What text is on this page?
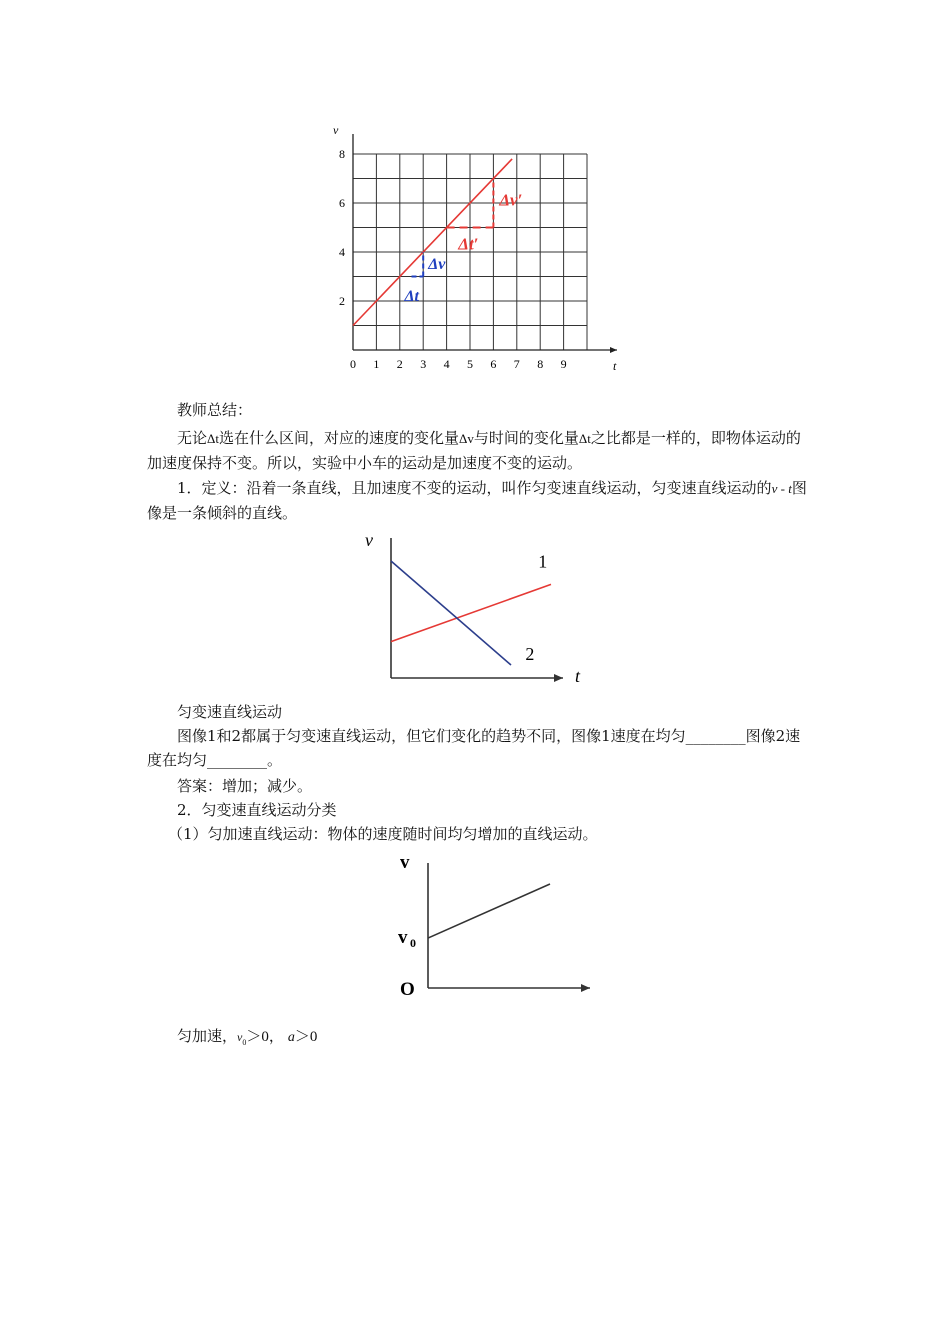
v
t
2
4
6
8
0 1 2 3 4 5 6 7 8 9
Δv
Δt
Δv′
Δt′

教师总结：

无论Δt选在什么区间，对应的速度的变化量Δv与时间的变化量Δt之比都是一样的，即物体运动的加速度保持不变。所以，实验中小车的运动是加速度不变的运动。

1．定义：沿着一条直线，且加速度不变的运动，叫作匀变速直线运动，匀变速直线运动的v - t图像是一条倾斜的直线。

v
t
1
2

匀变速直线运动

图像1和2都属于匀变速直线运动，但它们变化的趋势不同，图像1速度在均匀________图像2速度在均匀________。

答案：增加；减少。

2．匀变速直线运动分类

（1）匀加速直线运动：物体的速度随时间均匀增加的直线运动。

v
O
v 0

匀加速，$v_0>0$， a＞0
